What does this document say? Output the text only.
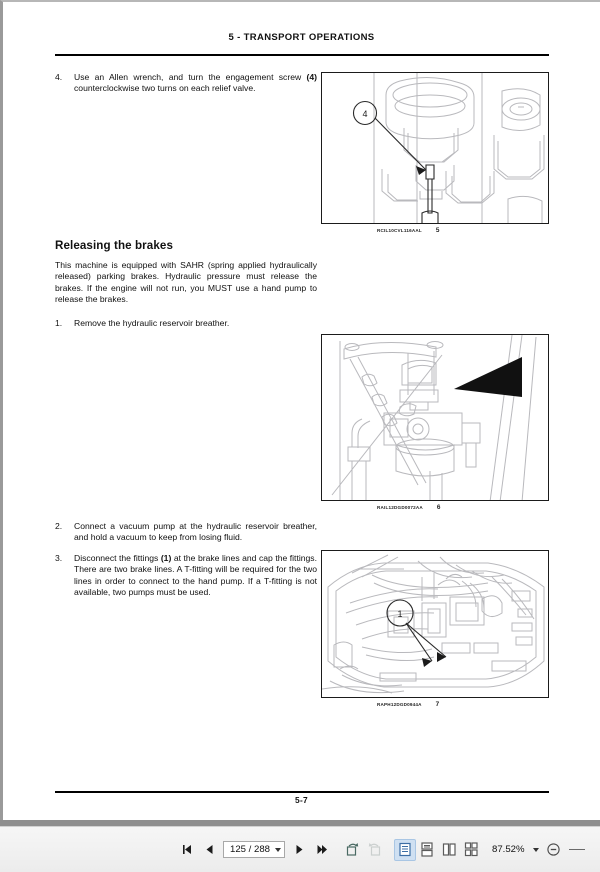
5 - TRANSPORT OPERATIONS
4. Use an Allen wrench, and turn the engagement screw (4) counterclockwise two turns on each relief valve.
Releasing the brakes
This machine is equipped with SAHR (spring applied hydraulically released) parking brakes. Hydraulic pressure must release the brakes. If the engine will not run, you MUST use a hand pump to release the brakes.
1. Remove the hydraulic reservoir breather.
2. Connect a vacuum pump at the hydraulic reservoir breather, and hold a vacuum to keep from losing fluid.
3. Disconnect the fittings (1) at the brake lines and cap the fittings. There are two brake lines. A T-fitting will be required for the two lines in order to connect to the hand pump. If a T-fitting is not available, two pumps must be used.
4
RCIL10CVL116AAL 5
RAIL12DGD0072AA 6
1
RAPH12DGD0944A 7
5-7
125 / 288	87.52%
